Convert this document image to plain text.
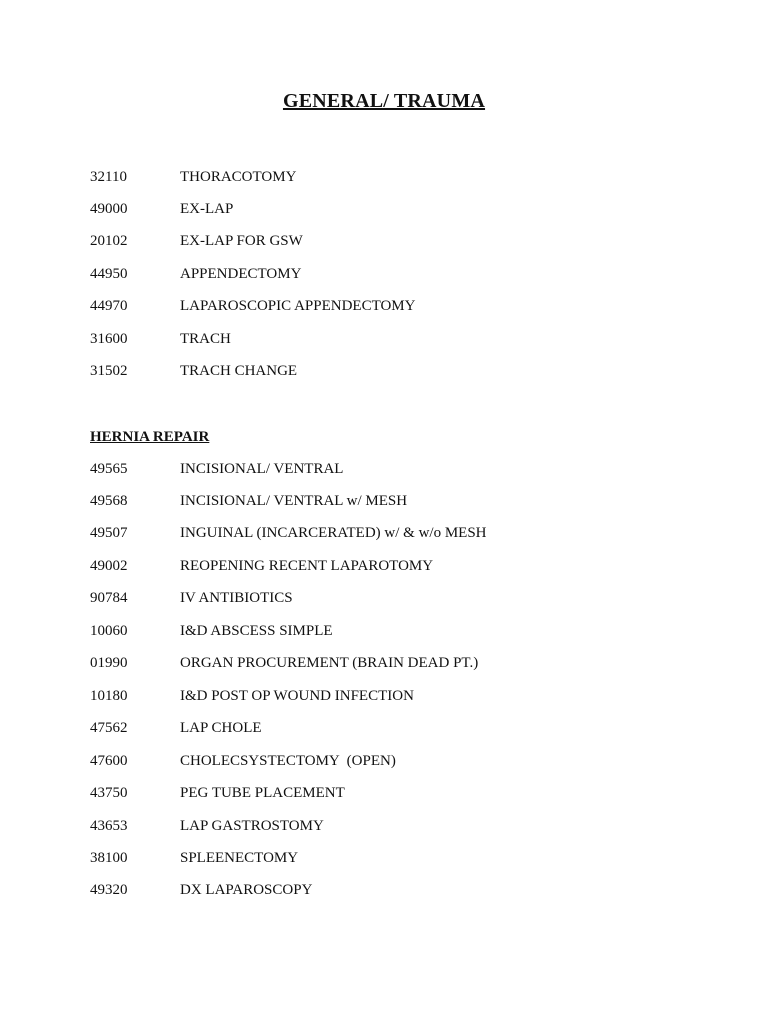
GENERAL/ TRAUMA
32110	THORACOTOMY
49000	EX-LAP
20102	EX-LAP FOR GSW
44950	APPENDECTOMY
44970	LAPAROSCOPIC APPENDECTOMY
31600	TRACH
31502	TRACH CHANGE
HERNIA REPAIR
49565	INCISIONAL/ VENTRAL
49568	INCISIONAL/ VENTRAL w/ MESH
49507	INGUINAL (INCARCERATED) w/ & w/o MESH
49002	REOPENING RECENT LAPAROTOMY
90784	IV ANTIBIOTICS
10060	I&D ABSCESS SIMPLE
01990	ORGAN PROCUREMENT (BRAIN DEAD PT.)
10180	I&D POST OP WOUND INFECTION
47562	LAP CHOLE
47600	CHOLECSYSTECTOMY  (OPEN)
43750	PEG TUBE PLACEMENT
43653	LAP GASTROSTOMY
38100	SPLEENECTOMY
49320	DX LAPAROSCOPY
